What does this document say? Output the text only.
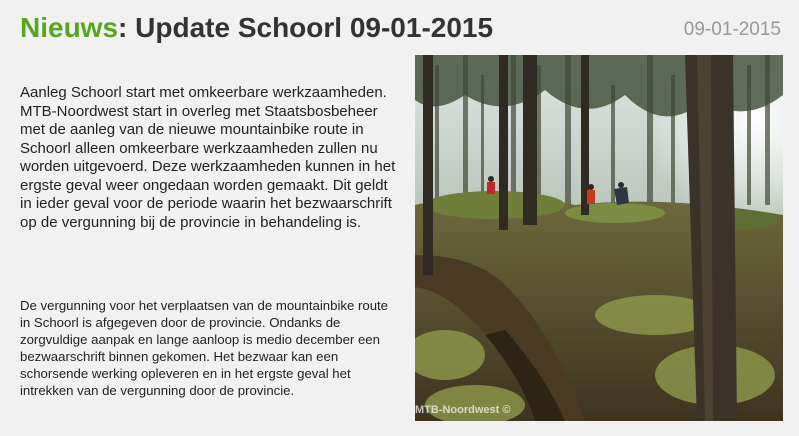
Nieuws: Update Schoorl 09-01-2015	09-01-2015

Aanleg Schoorl start met omkeerbare werkzaamheden. MTB-Noordwest start in overleg met Staatsbosbeheer met de aanleg van de nieuwe mountainbike route in Schoorl alleen omkeerbare werkzaamheden zullen nu worden uitgevoerd. Deze werkzaamheden kunnen in het ergste geval weer ongedaan worden gemaakt. Dit geldt in ieder geval voor de periode waarin het bezwaarschrift op de vergunning bij de provincie in behandeling is.

De vergunning voor het verplaatsen van de mountainbike route in Schoorl is afgegeven door de provincie. Ondanks de zorgvuldige aanpak en lange aanloop is medio december een bezwaarschrift binnen gekomen. Het bezwaar kan een schorsende werking opleveren en in het ergste geval het intrekken van de vergunning door de provincie.

MTB-Noordwest ©
